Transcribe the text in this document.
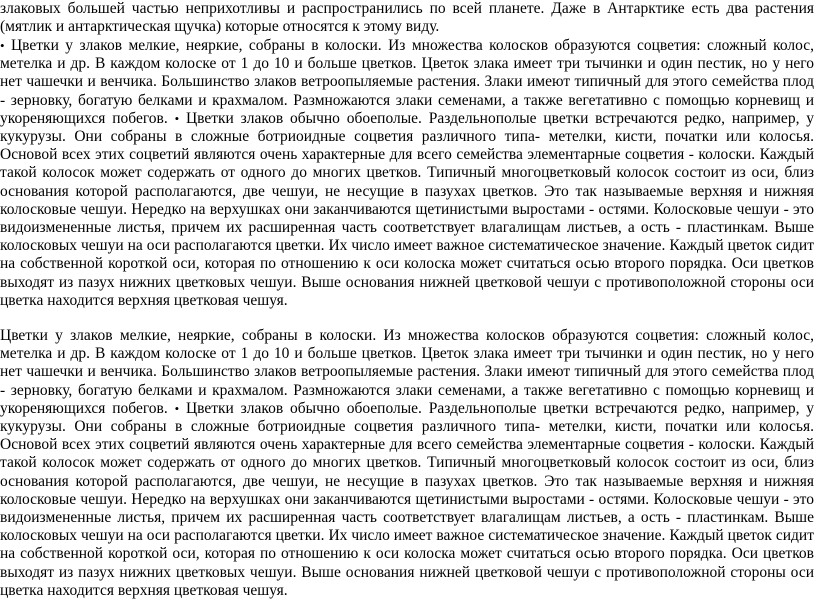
злаковых большей частью неприхотливы и распространились по всей планете. Даже в Антарктике есть два растения (мятлик и антарктическая щучка) которые относятся к этому виду.

• Цветки у злаков мелкие, неяркие, собраны в колоски. Из множества колосков образуются соцветия: сложный колос, метелка и др. В каждом колоске от 1 до 10 и больше цветков. Цветок злака имеет три тычинки и один пестик, но у него нет чашечки и венчика. Большинство злаков ветроопыляемые растения. Злаки имеют типичный для этого семейства плод - зерновку, богатую белками и крахмалом. Размножаются злаки семенами, а также вегетативно с помощью корневищ и укореняющихся побегов. • Цветки злаков обычно обоеполые. Раздельнополые цветки встречаются редко, например, у кукурузы. Они собраны в сложные ботриоидные соцветия различного типа- метелки, кисти, початки или колосья. Основой всех этих соцветий являются очень характерные для всего семейства элементарные соцветия - колоски. Каждый такой колосок может содержать от одного до многих цветков. Типичный многоцветковый колосок состоит из оси, близ основания которой располагаются, две чешуи, не несущие в пазухах цветков. Это так называемые верхняя и нижняя колосковые чешуи. Нередко на верхушках они заканчиваются щетинистыми выростами - остями. Колосковые чешуи - это видоизмененные листья, причем их расширенная часть соответствует влагалищам листьев, а ость - пластинкам. Выше колосковых чешуи на оси располагаются цветки. Их число имеет важное систематическое значение. Каждый цветок сидит на собственной короткой оси, которая по отношению к оси колоска может считаться осью второго порядка. Оси цветков выходят из пазух нижних цветковых чешуи. Выше основания нижней цветковой чешуи с противоположной стороны оси цветка находится верхняя цветковая чешуя.

Цветки у злаков мелкие, неяркие, собраны в колоски. Из множества колосков образуются соцветия: сложный колос, метелка и др. В каждом колоске от 1 до 10 и больше цветков. Цветок злака имеет три тычинки и один пестик, но у него нет чашечки и венчика. Большинство злаков ветроопыляемые растения. Злаки имеют типичный для этого семейства плод - зерновку, богатую белками и крахмалом. Размножаются злаки семенами, а также вегетативно с помощью корневищ и укореняющихся побегов. • Цветки злаков обычно обоеполые. Раздельнополые цветки встречаются редко, например, у кукурузы. Они собраны в сложные ботриоидные соцветия различного типа- метелки, кисти, початки или колосья. Основой всех этих соцветий являются очень характерные для всего семейства элементарные соцветия - колоски. Каждый такой колосок может содержать от одного до многих цветков. Типичный многоцветковый колосок состоит из оси, близ основания которой располагаются, две чешуи, не несущие в пазухах цветков. Это так называемые верхняя и нижняя колосковые чешуи. Нередко на верхушках они заканчиваются щетинистыми выростами - остями. Колосковые чешуи - это видоизмененные листья, причем их расширенная часть соответствует влагалищам листьев, а ость - пластинкам. Выше колосковых чешуи на оси располагаются цветки. Их число имеет важное систематическое значение. Каждый цветок сидит на собственной короткой оси, которая по отношению к оси колоска может считаться осью второго порядка. Оси цветков выходят из пазух нижних цветковых чешуи. Выше основания нижней цветковой чешуи с противоположной стороны оси цветка находится верхняя цветковая чешуя.
